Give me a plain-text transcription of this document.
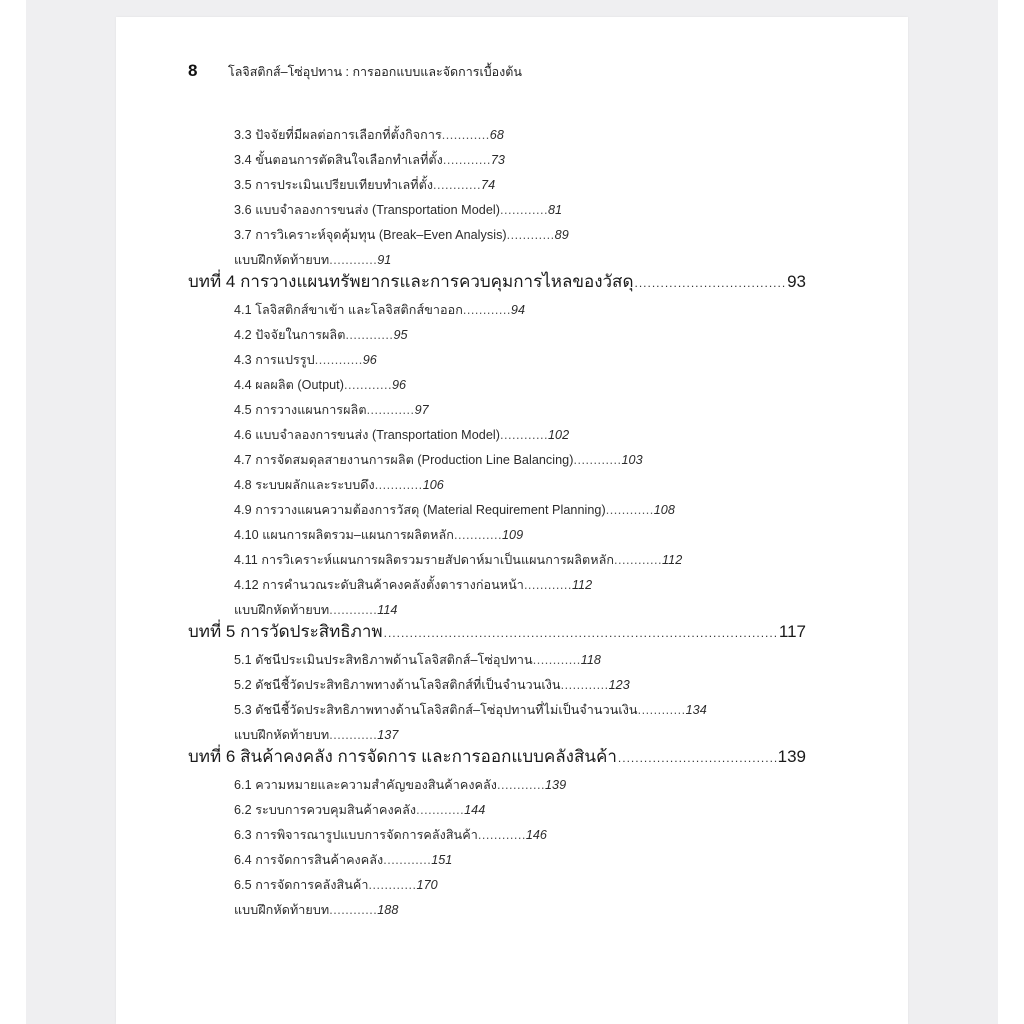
8	โลจิสติกส์–โซ่อุปทาน : การออกแบบและจัดการเบื้องต้น
3.3 ปัจจัยที่มีผลต่อการเลือกที่ตั้งกิจการ............68
3.4 ขั้นตอนการตัดสินใจเลือกทำเลที่ตั้ง............73
3.5 การประเมินเปรียบเทียบทำเลที่ตั้ง............74
3.6 แบบจำลองการขนส่ง (Transportation Model)............81
3.7 การวิเคราะห์จุดคุ้มทุน (Break–Even Analysis)............89
แบบฝึกหัดท้ายบท............91
บทที่ 4 การวางแผนทรัพยากรและการควบคุมการไหลของวัสดุ .....	93
4.1 โลจิสติกส์ขาเข้า และโลจิสติกส์ขาออก............94
4.2 ปัจจัยในการผลิต............95
4.3 การแปรรูป............96
4.4 ผลผลิต (Output)............96
4.5 การวางแผนการผลิต............97
4.6 แบบจำลองการขนส่ง (Transportation Model)............102
4.7 การจัดสมดุลสายงานการผลิต (Production Line Balancing)............103
4.8 ระบบผลักและระบบดึง............106
4.9 การวางแผนความต้องการวัสดุ (Material Requirement Planning)............108
4.10 แผนการผลิตรวม–แผนการผลิตหลัก............109
4.11 การวิเคราะห์แผนการผลิตรวมรายสัปดาห์มาเป็นแผนการผลิตหลัก............112
4.12 การคำนวณระดับสินค้าคงคลังตั้งตารางก่อนหน้า............112
แบบฝึกหัดท้ายบท............114
บทที่ 5 การวัดประสิทธิภาพ .....	117
5.1 ดัชนีประเมินประสิทธิภาพด้านโลจิสติกส์–โซ่อุปทาน............118
5.2 ดัชนีชี้วัดประสิทธิภาพทางด้านโลจิสติกส์ที่เป็นจำนวนเงิน............123
5.3 ดัชนีชี้วัดประสิทธิภาพทางด้านโลจิสติกส์–โซ่อุปทานที่ไม่เป็นจำนวนเงิน............134
แบบฝึกหัดท้ายบท............137
บทที่ 6 สินค้าคงคลัง การจัดการ และการออกแบบคลังสินค้า .....	139
6.1 ความหมายและความสำคัญของสินค้าคงคลัง............139
6.2 ระบบการควบคุมสินค้าคงคลัง............144
6.3 การพิจารณารูปแบบการจัดการคลังสินค้า............146
6.4 การจัดการสินค้าคงคลัง............151
6.5 การจัดการคลังสินค้า............170
แบบฝึกหัดท้ายบท............188
